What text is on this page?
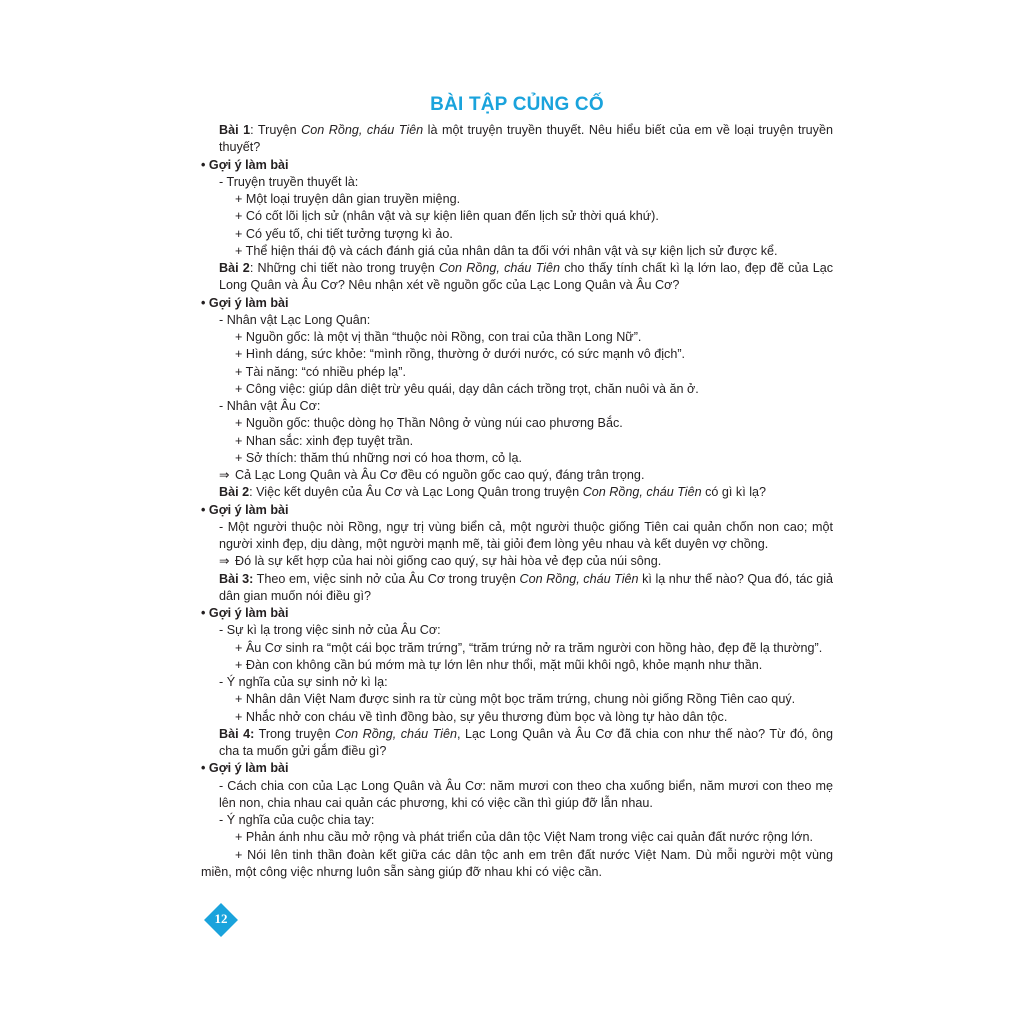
BÀI TẬP CỦNG CỐ
Bài 1: Truyện Con Rồng, cháu Tiên là một truyện truyền thuyết. Nêu hiểu biết của em về loại truyện truyền thuyết?
• Gợi ý làm bài
- Truyện truyền thuyết là:
+ Một loại truyện dân gian truyền miệng.
+ Có cốt lõi lịch sử (nhân vật và sự kiện liên quan đến lịch sử thời quá khứ).
+ Có yếu tố, chi tiết tưởng tượng kì ảo.
+ Thể hiện thái độ và cách đánh giá của nhân dân ta đối với nhân vật và sự kiện lịch sử được kể.
Bài 2: Những chi tiết nào trong truyện Con Rồng, cháu Tiên cho thấy tính chất kì lạ lớn lao, đẹp đẽ của Lạc Long Quân và Âu Cơ? Nêu nhận xét về nguồn gốc của Lạc Long Quân và Âu Cơ?
• Gợi ý làm bài
- Nhân vật Lạc Long Quân:
+ Nguồn gốc: là một vị thần “thuộc nòi Rồng, con trai của thần Long Nữ”.
+ Hình dáng, sức khỏe: “mình rồng, thường ở dưới nước, có sức mạnh vô địch”.
+ Tài năng: “có nhiều phép lạ”.
+ Công việc: giúp dân diệt trừ yêu quái, dạy dân cách trồng trọt, chăn nuôi và ăn ở.
- Nhân vật Âu Cơ:
+ Nguồn gốc: thuộc dòng họ Thần Nông ở vùng núi cao phương Bắc.
+ Nhan sắc: xinh đẹp tuyệt trần.
+ Sở thích: thăm thú những nơi có hoa thơm, cỏ lạ.
⇒ Cả Lạc Long Quân và Âu Cơ đều có nguồn gốc cao quý, đáng trân trọng.
Bài 2: Việc kết duyên của Âu Cơ và Lạc Long Quân trong truyện Con Rồng, cháu Tiên có gì kì lạ?
• Gợi ý làm bài
- Một người thuộc nòi Rồng, ngự trị vùng biển cả, một người thuộc giống Tiên cai quản chốn non cao; một người xinh đẹp, dịu dàng, một người mạnh mẽ, tài giỏi đem lòng yêu nhau và kết duyên vợ chồng.
⇒ Đó là sự kết hợp của hai nòi giống cao quý, sự hài hòa vẻ đẹp của núi sông.
Bài 3: Theo em, việc sinh nở của Âu Cơ trong truyện Con Rồng, cháu Tiên kì lạ như thế nào? Qua đó, tác giả dân gian muốn nói điều gì?
• Gợi ý làm bài
- Sự kì lạ trong việc sinh nở của Âu Cơ:
+ Âu Cơ sinh ra “một cái bọc trăm trứng”, “trăm trứng nở ra trăm người con hồng hào, đẹp đẽ lạ thường”.
+ Đàn con không cần bú mớm mà tự lớn lên như thổi, mặt mũi khôi ngô, khỏe mạnh như thần.
- Ý nghĩa của sự sinh nở kì lạ:
+ Nhân dân Việt Nam được sinh ra từ cùng một bọc trăm trứng, chung nòi giống Rồng Tiên cao quý.
+ Nhắc nhở con cháu về tình đồng bào, sự yêu thương đùm bọc và lòng tự hào dân tộc.
Bài 4: Trong truyện Con Rồng, cháu Tiên, Lạc Long Quân và Âu Cơ đã chia con như thế nào? Từ đó, ông cha ta muốn gửi gắm điều gì?
• Gợi ý làm bài
- Cách chia con của Lạc Long Quân và Âu Cơ: năm mươi con theo cha xuống biển, năm mươi con theo mẹ lên non, chia nhau cai quản các phương, khi có việc cần thì giúp đỡ lẫn nhau.
- Ý nghĩa của cuộc chia tay:
+ Phản ánh nhu cầu mở rộng và phát triển của dân tộc Việt Nam trong việc cai quản đất nước rộng lớn.
+ Nói lên tinh thần đoàn kết giữa các dân tộc anh em trên đất nước Việt Nam. Dù mỗi người một vùng miền, một công việc nhưng luôn sẵn sàng giúp đỡ nhau khi có việc cần.
12
